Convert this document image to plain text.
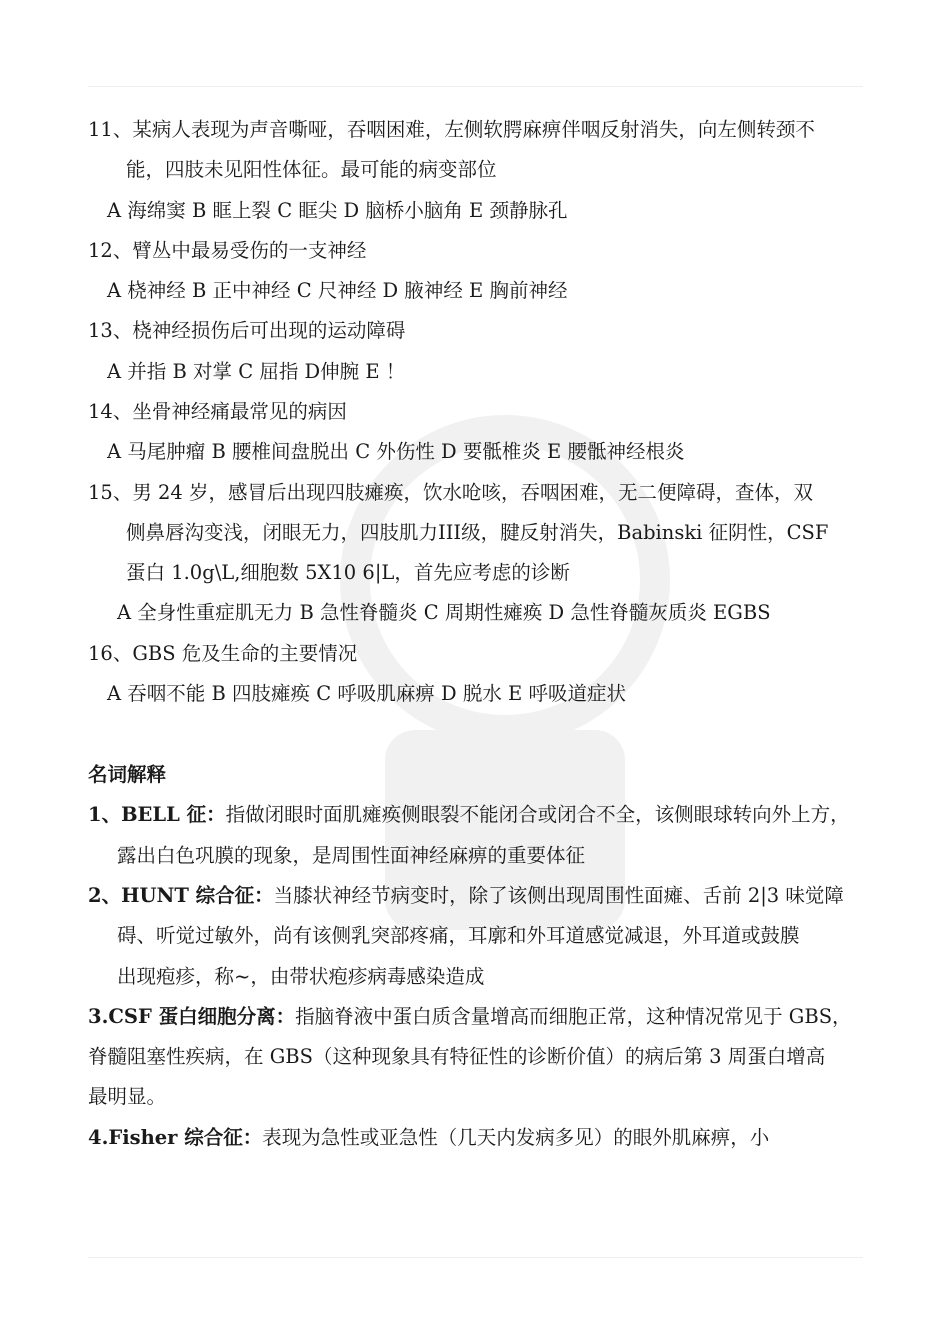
11、某病人表现为声音嘶哑，吞咽困难，左侧软腭麻痹伴咽反射消失，向左侧转颈不
能，四肢未见阳性体征。最可能的病变部位
A 海绵窦 B 眶上裂 C 眶尖 D 脑桥小脑角 E 颈静脉孔
12、臂丛中最易受伤的一支神经
A 桡神经 B 正中神经 C 尺神经 D 腋神经 E 胸前神经
13、桡神经损伤后可出现的运动障碍
A 并指 B 对掌 C 屈指 D伸腕 E ！
14、坐骨神经痛最常见的病因
A 马尾肿瘤 B 腰椎间盘脱出 C 外伤性 D 要骶椎炎 E 腰骶神经根炎
15、男 24 岁，感冒后出现四肢瘫痪，饮水呛咳，吞咽困难，无二便障碍，查体，双
侧鼻唇沟变浅，闭眼无力，四肢肌力III级，腱反射消失，Babinski 征阴性，CSF
蛋白 1.0g\L,细胞数 5X10 6|L，首先应考虑的诊断
A 全身性重症肌无力 B 急性脊髓炎 C 周期性瘫痪 D 急性脊髓灰质炎 EGBS
16、GBS 危及生命的主要情况
A 吞咽不能 B 四肢瘫痪 C 呼吸肌麻痹 D 脱水 E 呼吸道症状
名词解释
1、BELL 征：指做闭眼时面肌瘫痪侧眼裂不能闭合或闭合不全，该侧眼球转向外上方，
露出白色巩膜的现象，是周围性面神经麻痹的重要体征
2、HUNT 综合征：当膝状神经节病变时，除了该侧出现周围性面瘫、舌前 2|3 味觉障
碍、听觉过敏外，尚有该侧乳突部疼痛，耳廓和外耳道感觉减退，外耳道或鼓膜
出现疱疹，称~，由带状疱疹病毒感染造成
3.CSF 蛋白细胞分离：指脑脊液中蛋白质含量增高而细胞正常，这种情况常见于 GBS，
脊髓阻塞性疾病，在 GBS（这种现象具有特征性的诊断价值）的病后第 3 周蛋白增高
最明显。
4.Fisher 综合征：表现为急性或亚急性（几天内发病多见）的眼外肌麻痹，小
